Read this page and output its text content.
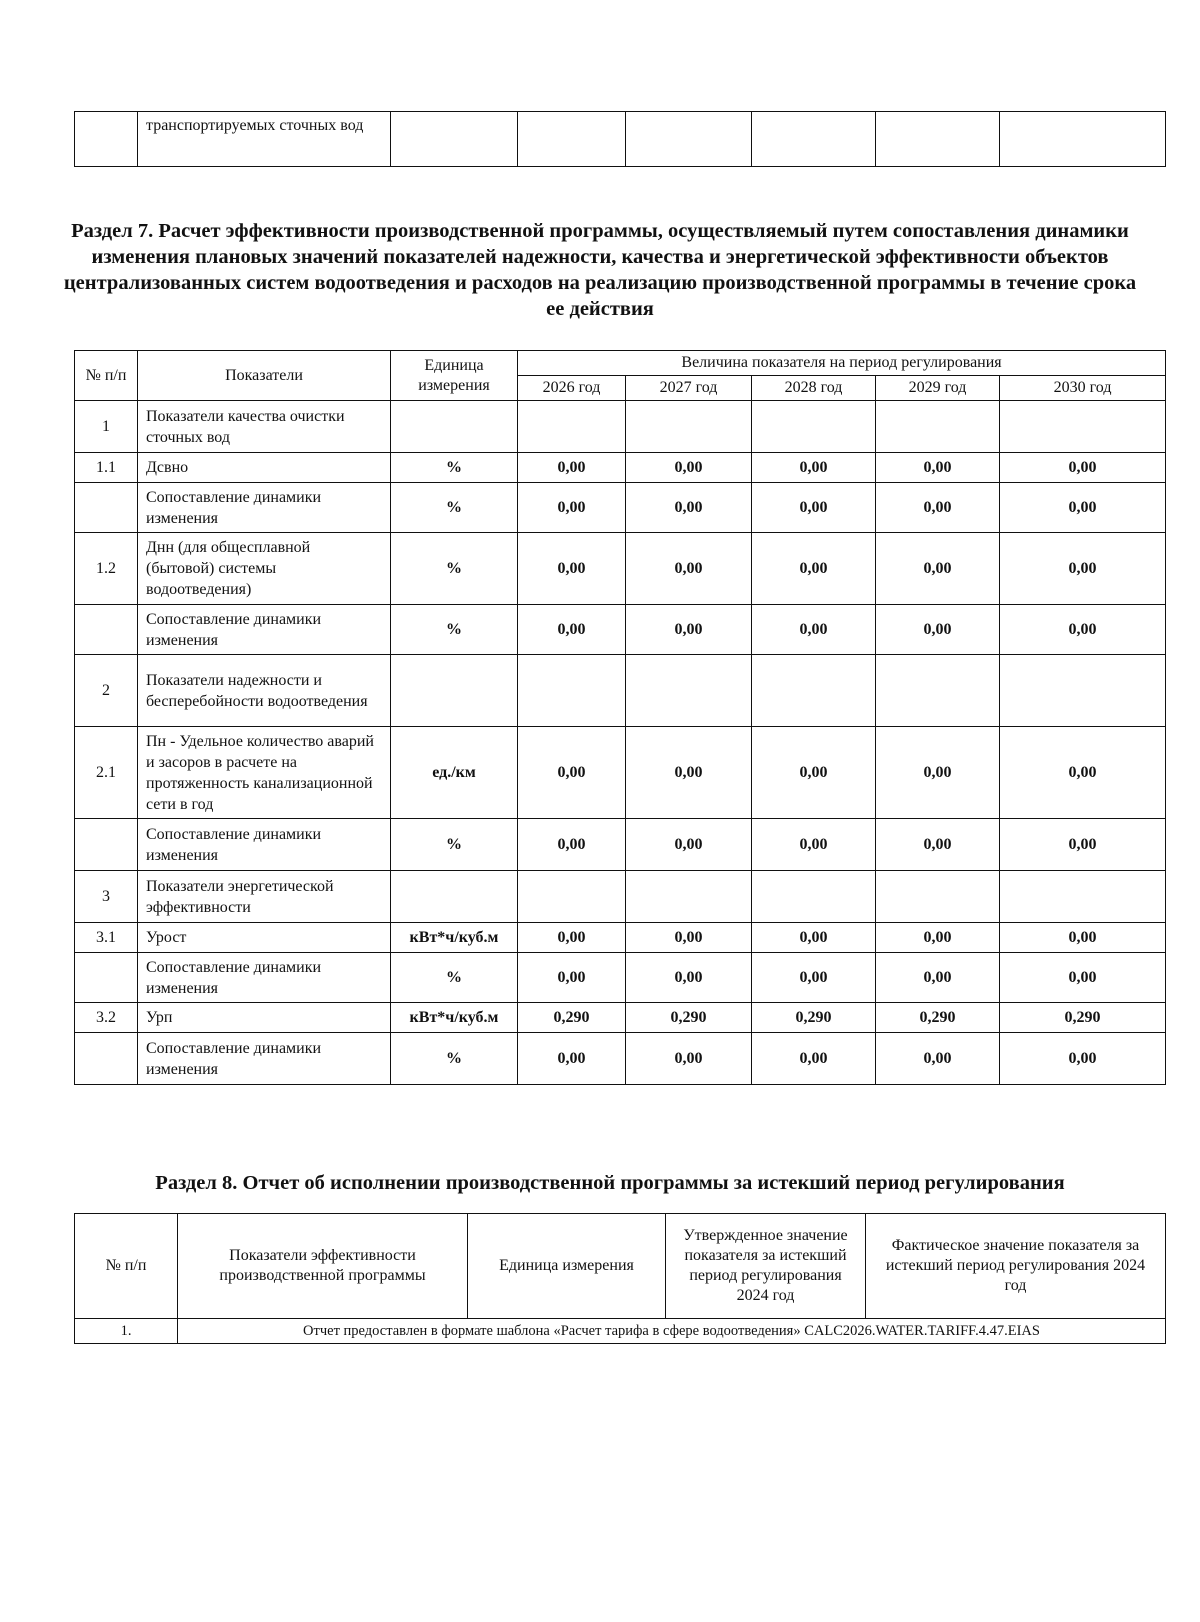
	транспортируемых сточных вод						
Раздел 7. Расчет эффективности производственной программы, осуществляемый путем сопоставления динамики изменения плановых значений показателей надежности, качества и энергетической эффективности объектов централизованных систем водоотведения и расходов на реализацию производственной программы в течение срока ее действия
№ п/п	Показатели	Единица измерения	Величина показателя на период регулирования				
			2026 год	2027 год	2028 год	2029 год	2030 год
1	Показатели качества очистки сточных вод						
1.1	Дсвно	%	0,00	0,00	0,00	0,00	0,00
	Сопоставление динамики изменения	%	0,00	0,00	0,00	0,00	0,00
1.2	Днн (для общесплавной (бытовой) системы водоотведения)	%	0,00	0,00	0,00	0,00	0,00
	Сопоставление динамики изменения	%	0,00	0,00	0,00	0,00	0,00
2	Показатели надежности и бесперебойности водоотведения						
2.1	Пн - Удельное количество аварий и засоров в расчете на протяженность канализационной сети в год	ед./км	0,00	0,00	0,00	0,00	0,00
	Сопоставление динамики изменения	%	0,00	0,00	0,00	0,00	0,00
3	Показатели энергетической эффективности						
3.1	Урост	кВт*ч/куб.м	0,00	0,00	0,00	0,00	0,00
	Сопоставление динамики изменения	%	0,00	0,00	0,00	0,00	0,00
3.2	Урп	кВт*ч/куб.м	0,290	0,290	0,290	0,290	0,290
	Сопоставление динамики изменения	%	0,00	0,00	0,00	0,00	0,00
Раздел 8. Отчет об исполнении производственной программы за истекший период регулирования
№ п/п	Показатели эффективности производственной программы	Единица измерения	Утвержденное значение показателя за истекший период регулирования 2024 год	Фактическое значение показателя за истекший период регулирования 2024 год
1.	Отчет предоставлен в формате шаблона «Расчет тарифа в сфере водоотведения» CALC2026.WATER.TARIFF.4.47.EIAS			
